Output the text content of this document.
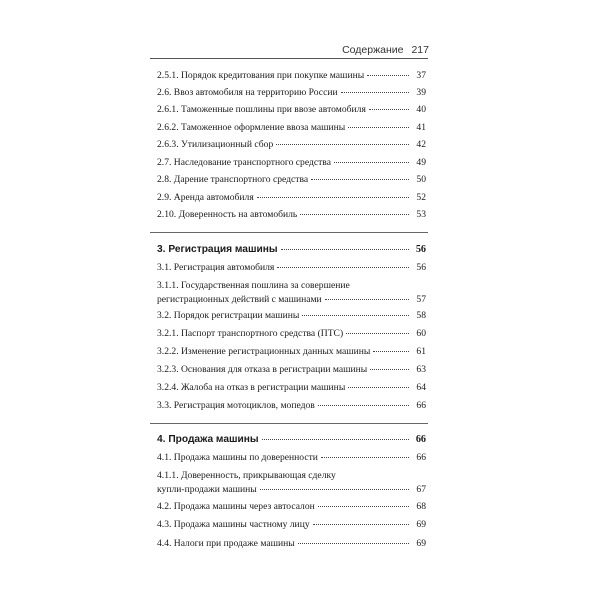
Содержание 217
2.5.1. Порядок кредитования при покупке машины	37
2.6. Ввоз автомобиля на территорию России	39
2.6.1. Таможенные пошлины при ввозе автомобиля	40
2.6.2. Таможенное оформление ввоза машины	41
2.6.3. Утилизационный сбор	42
2.7. Наследование транспортного средства	49
2.8. Дарение транспортного средства	50
2.9. Аренда автомобиля	52
2.10. Доверенность на автомобиль	53
3. Регистрация машины	56
3.1. Регистрация автомобиля	56
3.1.1. Государственная пошлина за совершение
регистрационных действий с машинами	57
3.2. Порядок регистрации машины	58
3.2.1. Паспорт транспортного средства (ПТС)	60
3.2.2. Изменение регистрационных данных машины	61
3.2.3. Основания для отказа в регистрации машины	63
3.2.4. Жалоба на отказ в регистрации машины	64
3.3. Регистрация мотоциклов, мопедов	66
4. Продажа машины	66
4.1. Продажа машины по доверенности	66
4.1.1. Доверенность, прикрывающая сделку
купли-продажи машины	67
4.2. Продажа машины через автосалон	68
4.3. Продажа машины частному лицу	69
4.4. Налоги при продаже машины	69
